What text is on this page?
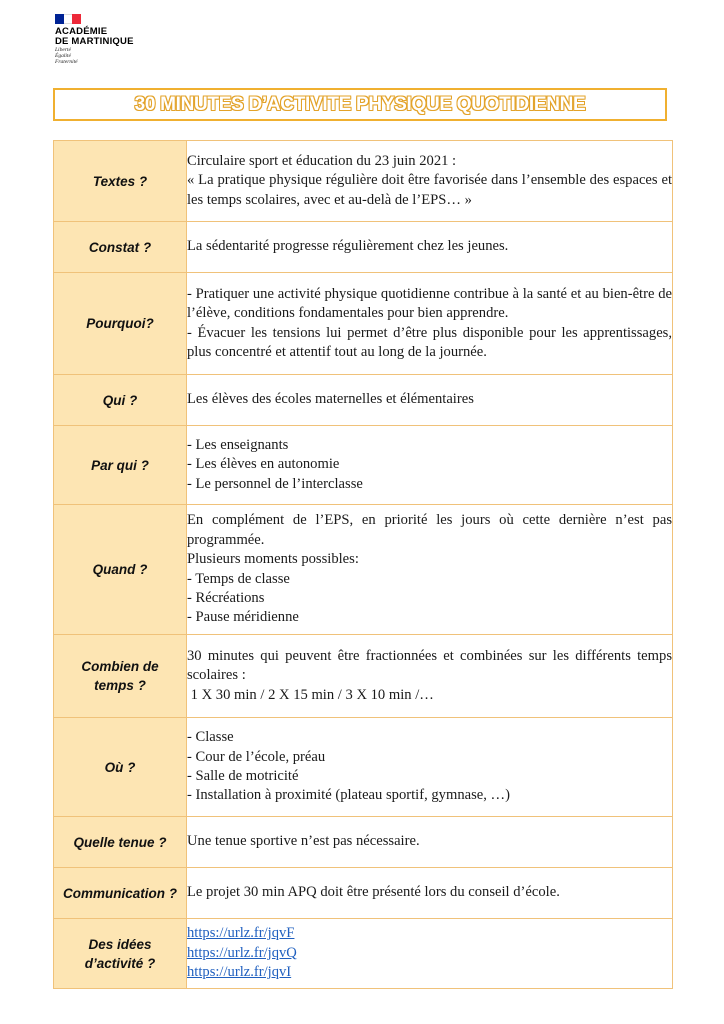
ACADÉMIE
DE MARTINIQUE
Liberté
Égalité
Fraternité
30 MINUTES D’ACTIVITE PHYSIQUE QUOTIDIENNE
Textes ?	Circulaire sport et éducation du 23 juin 2021 :
« La pratique physique régulière doit être favorisée dans l’ensemble des espaces et les temps scolaires, avec et au-delà de l’EPS… »

Constat ?	La sédentarité progresse régulièrement chez les jeunes.

Pourquoi?	- Pratiquer une activité physique quotidienne contribue à la santé et au bien-être de l’élève, conditions fondamentales pour bien apprendre.
- Évacuer les tensions lui permet d’être plus disponible pour les apprentissages, plus concentré et attentif tout au long de la journée.

Qui ?	Les élèves des écoles maternelles et élémentaires

Par qui ?	- Les enseignants
- Les élèves en autonomie
- Le personnel de l’interclasse

Quand ?	En complément de l’EPS, en priorité les jours où cette dernière n’est pas programmée.
Plusieurs moments possibles:
- Temps de classe
- Récréations
- Pause méridienne

Combien de
temps ?	30 minutes qui peuvent être fractionnées et combinées sur les différents temps scolaires :
1 X 30 min / 2 X 15 min / 3 X 10 min /…

Où ?	- Classe
- Cour de l’école, préau
- Salle de motricité
- Installation à proximité (plateau sportif, gymnase, …)

Quelle tenue ?	Une tenue sportive n’est pas nécessaire.

Communication ?	Le projet 30 min APQ doit être présenté lors du conseil d’école.

Des idées
d’activité ?	https://urlz.fr/jqvF
https://urlz.fr/jqvQ
https://urlz.fr/jqvI
